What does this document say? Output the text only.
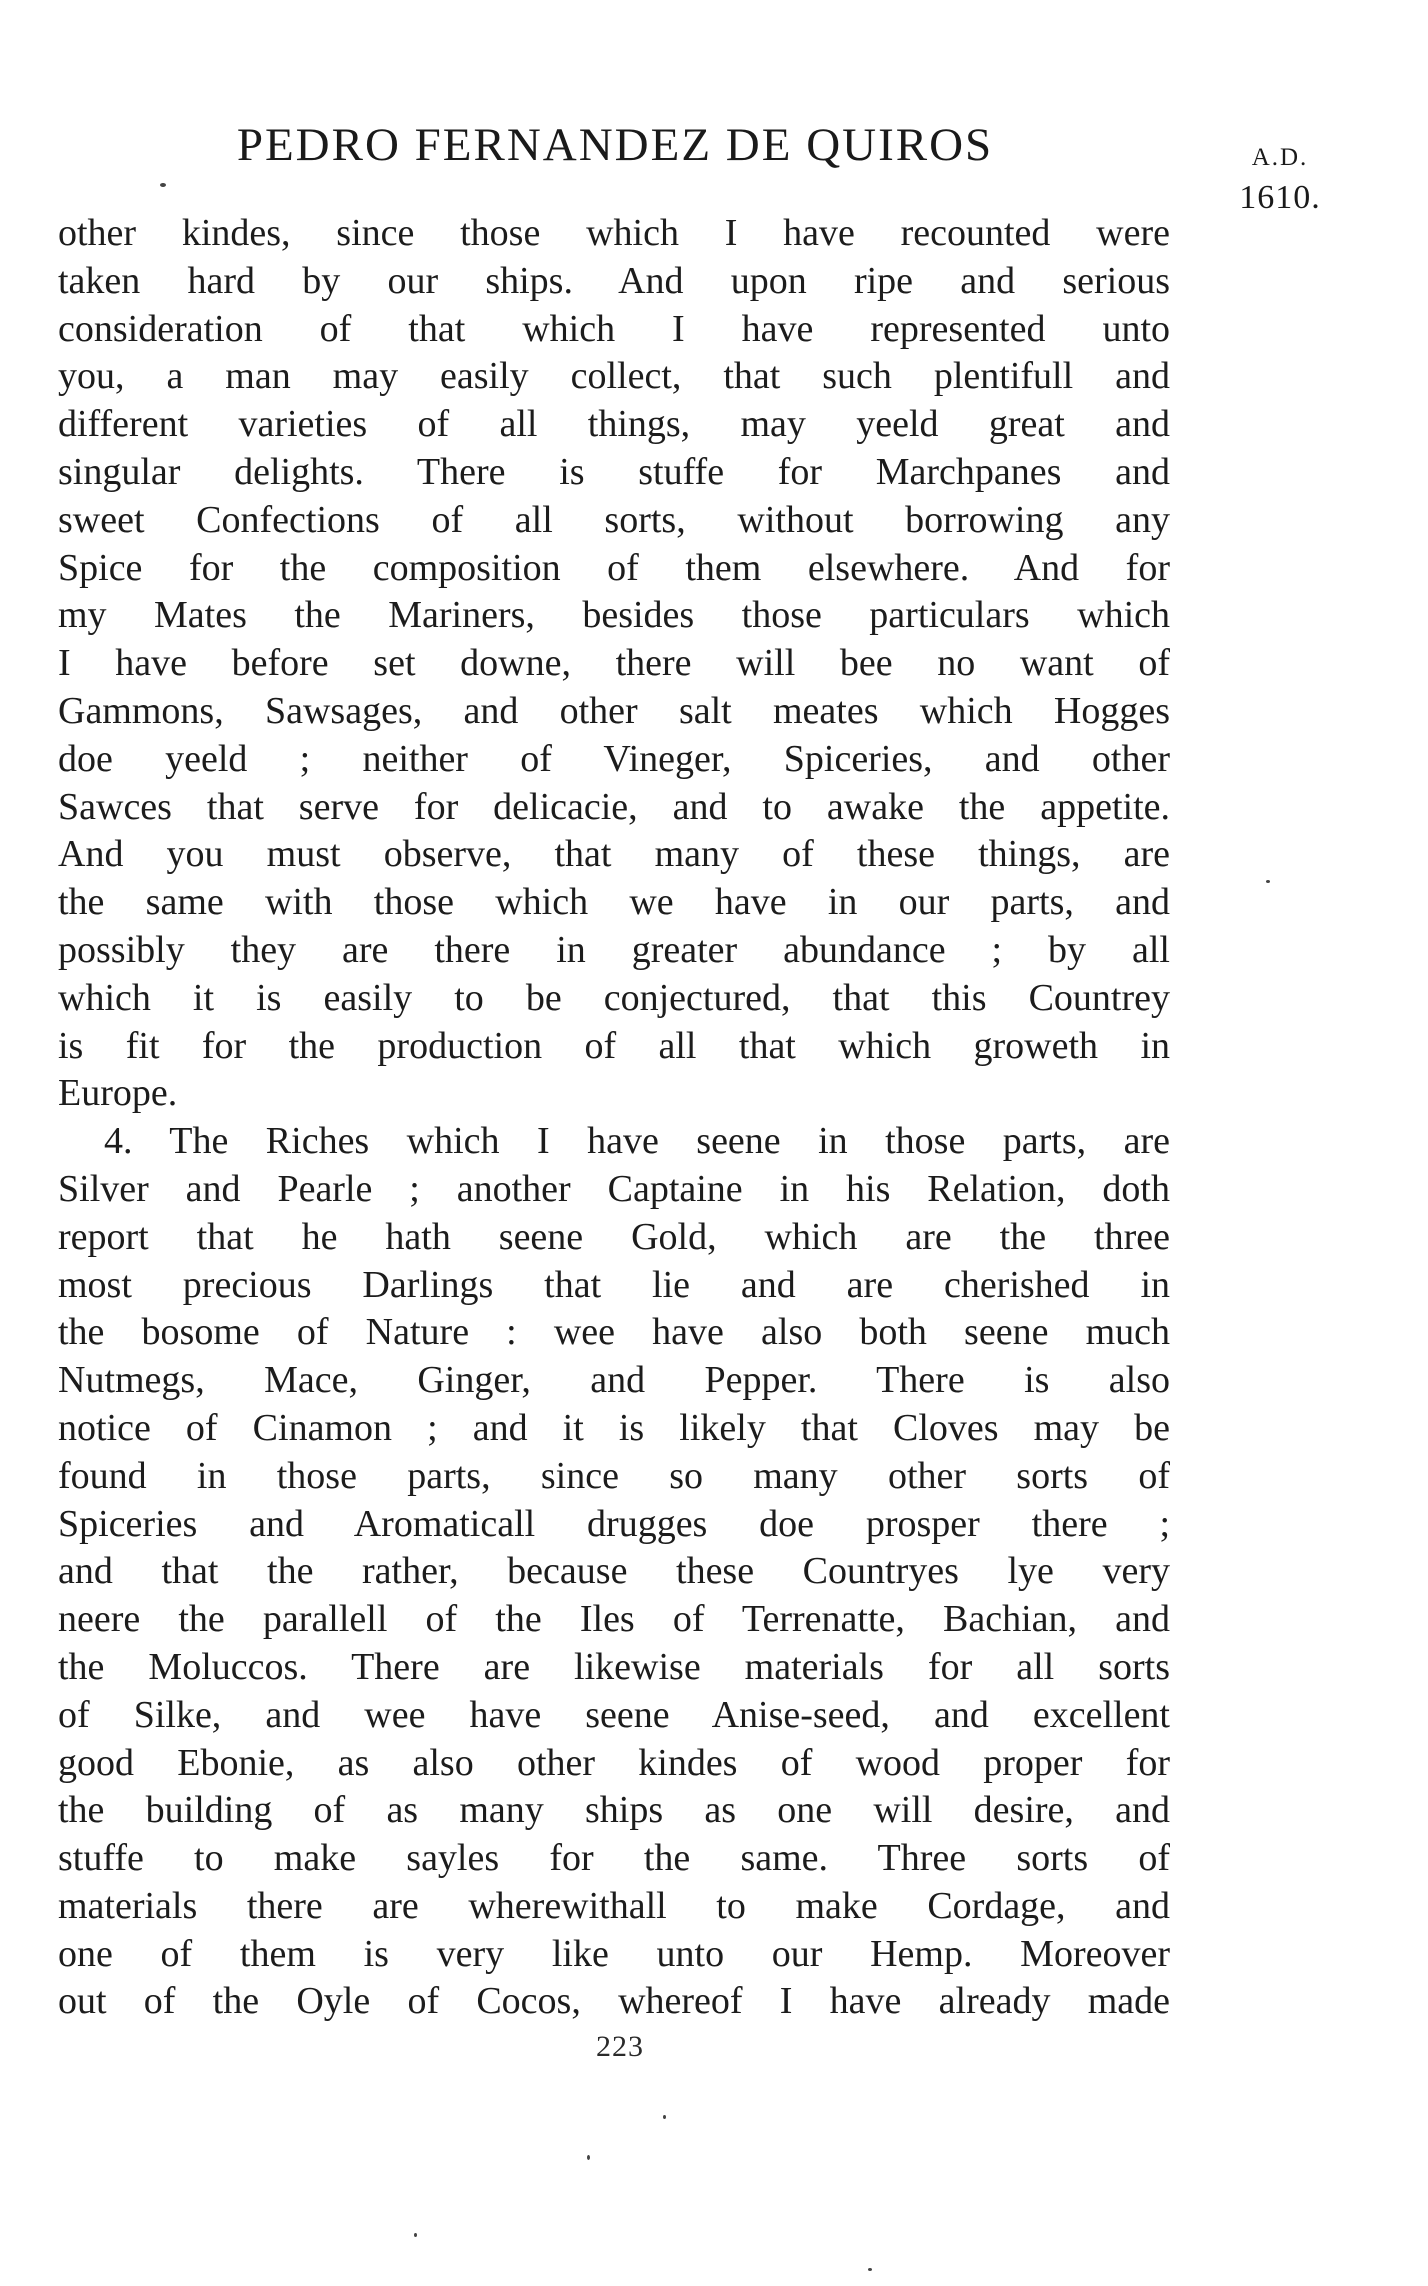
PEDRO FERNANDEZ DE QUIROS	A.D.
1610.
other kindes, since those which I have recounted were
taken hard by our ships. And upon ripe and serious
consideration of that which I have represented unto
you, a man may easily collect, that such plentifull and
different varieties of all things, may yeeld great and
singular delights. There is stuffe for Marchpanes and
sweet Confections of all sorts, without borrowing any
Spice for the composition of them elsewhere. And for
my Mates the Mariners, besides those particulars which
I have before set downe, there will bee no want of
Gammons, Sawsages, and other salt meates which Hogges
doe yeeld ; neither of Vineger, Spiceries, and other
Sawces that serve for delicacie, and to awake the appetite.
And you must observe, that many of these things, are
the same with those which we have in our parts, and
possibly they are there in greater abundance ; by all
which it is easily to be conjectured, that this Countrey
is fit for the production of all that which groweth in
Europe.
4. The Riches which I have seene in those parts, are
Silver and Pearle ; another Captaine in his Relation, doth
report that he hath seene Gold, which are the three
most precious Darlings that lie and are cherished in
the bosome of Nature : wee have also both seene much
Nutmegs, Mace, Ginger, and Pepper. There is also
notice of Cinamon ; and it is likely that Cloves may be
found in those parts, since so many other sorts of
Spiceries and Aromaticall drugges doe prosper there ;
and that the rather, because these Countryes lye very
neere the parallell of the Iles of Terrenatte, Bachian, and
the Moluccos. There are likewise materials for all sorts
of Silke, and wee have seene Anise-seed, and excellent
good Ebonie, as also other kindes of wood proper for
the building of as many ships as one will desire, and
stuffe to make sayles for the same. Three sorts of
materials there are wherewithall to make Cordage, and
one of them is very like unto our Hemp. Moreover
out of the Oyle of Cocos, whereof I have already made
223
